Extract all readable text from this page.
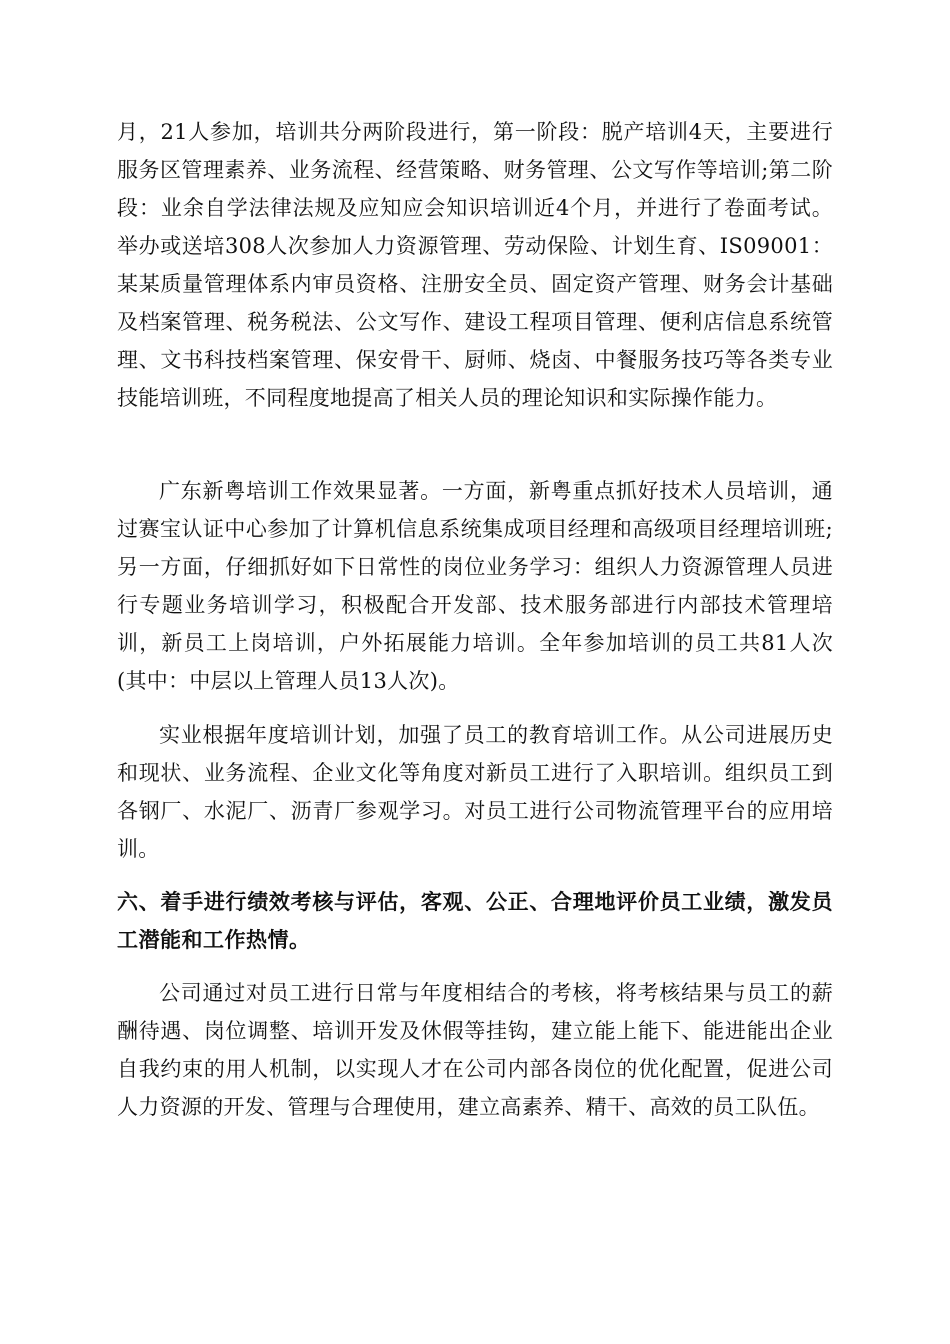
月，21人参加，培训共分两阶段进行，第一阶段：脱产培训4天，主要进行服务区管理素养、业务流程、经营策略、财务管理、公文写作等培训;第二阶段：业余自学法律法规及应知应会知识培训近4个月，并进行了卷面考试。举办或送培308人次参加人力资源管理、劳动保险、计划生育、IS09001：某某质量管理体系内审员资格、注册安全员、固定资产管理、财务会计基础及档案管理、税务税法、公文写作、建设工程项目管理、便利店信息系统管理、文书科技档案管理、保安骨干、厨师、烧卤、中餐服务技巧等各类专业技能培训班，不同程度地提高了相关人员的理论知识和实际操作能力。

广东新粤培训工作效果显著。一方面，新粤重点抓好技术人员培训，通过赛宝认证中心参加了计算机信息系统集成项目经理和高级项目经理培训班;另一方面，仔细抓好如下日常性的岗位业务学习：组织人力资源管理人员进行专题业务培训学习，积极配合开发部、技术服务部进行内部技术管理培训，新员工上岗培训，户外拓展能力培训。全年参加培训的员工共81人次(其中：中层以上管理人员13人次)。

实业根据年度培训计划，加强了员工的教育培训工作。从公司进展历史和现状、业务流程、企业文化等角度对新员工进行了入职培训。组织员工到各钢厂、水泥厂、沥青厂参观学习。对员工进行公司物流管理平台的应用培训。

六、着手进行绩效考核与评估，客观、公正、合理地评价员工业绩，激发员工潜能和工作热情。

公司通过对员工进行日常与年度相结合的考核，将考核结果与员工的薪酬待遇、岗位调整、培训开发及休假等挂钩，建立能上能下、能进能出企业自我约束的用人机制，以实现人才在公司内部各岗位的优化配置，促进公司人力资源的开发、管理与合理使用，建立高素养、精干、高效的员工队伍。
